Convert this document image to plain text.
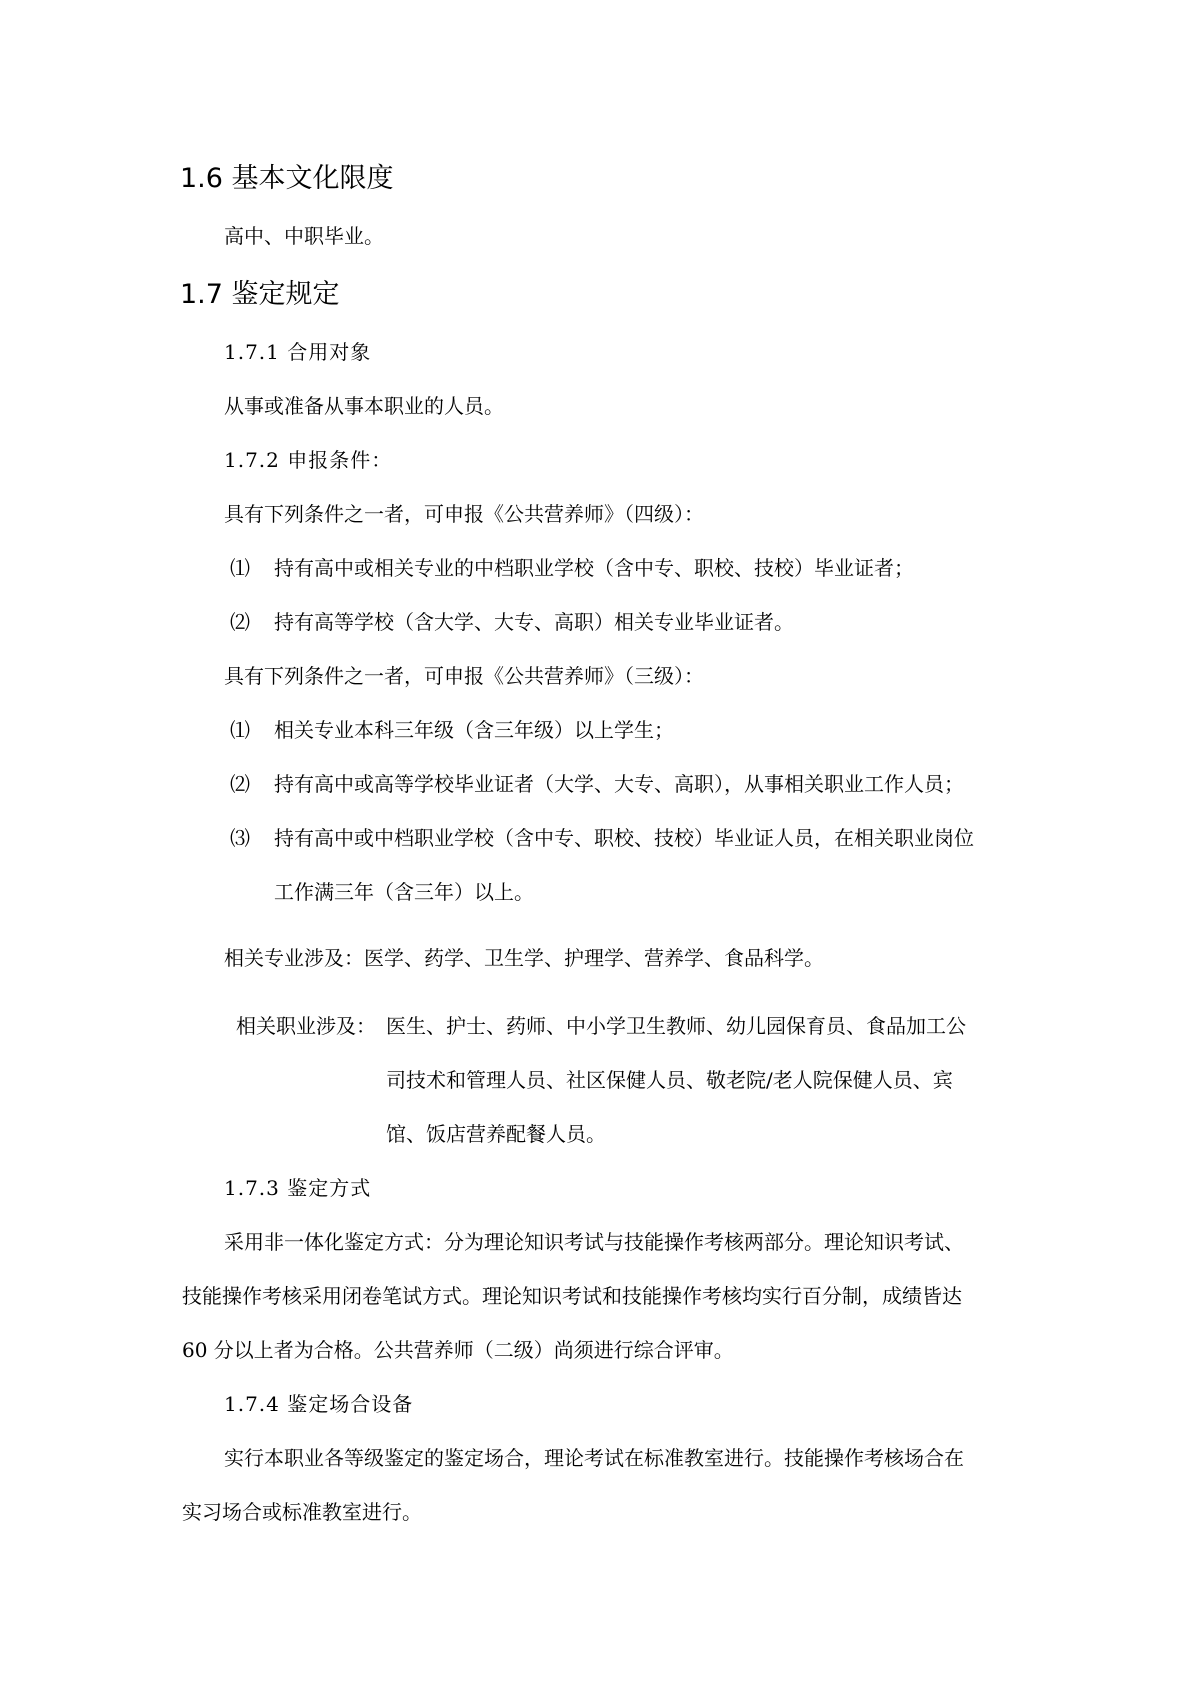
1.6 基本文化限度
高中、中职毕业。
1.7 鉴定规定
1.7.1 合用对象
从事或准备从事本职业的人员。
1.7.2 申报条件：
具有下列条件之一者，可申报《公共营养师》（四级）：
⑴ 持有高中或相关专业的中档职业学校（含中专、职校、技校）毕业证者；
⑵ 持有高等学校（含大学、大专、高职）相关专业毕业证者。
具有下列条件之一者，可申报《公共营养师》（三级）：
⑴ 相关专业本科三年级（含三年级）以上学生；
⑵ 持有高中或高等学校毕业证者（大学、大专、高职），从事相关职业工作人员；
⑶ 持有高中或中档职业学校（含中专、职校、技校）毕业证人员，在相关职业岗位
工作满三年（含三年）以上。
相关专业涉及：医学、药学、卫生学、护理学、营养学、食品科学。
相关职业涉及： 医生、护士、药师、中小学卫生教师、幼儿园保育员、食品加工公
司技术和管理人员、社区保健人员、敬老院/老人院保健人员、宾
馆、饭店营养配餐人员。
1.7.3 鉴定方式
采用非一体化鉴定方式：分为理论知识考试与技能操作考核两部分。理论知识考试、
技能操作考核采用闭卷笔试方式。理论知识考试和技能操作考核均实行百分制，成绩皆达
60 分以上者为合格。公共营养师（二级）尚须进行综合评审。
1.7.4 鉴定场合设备
实行本职业各等级鉴定的鉴定场合，理论考试在标准教室进行。技能操作考核场合在
实习场合或标准教室进行。
